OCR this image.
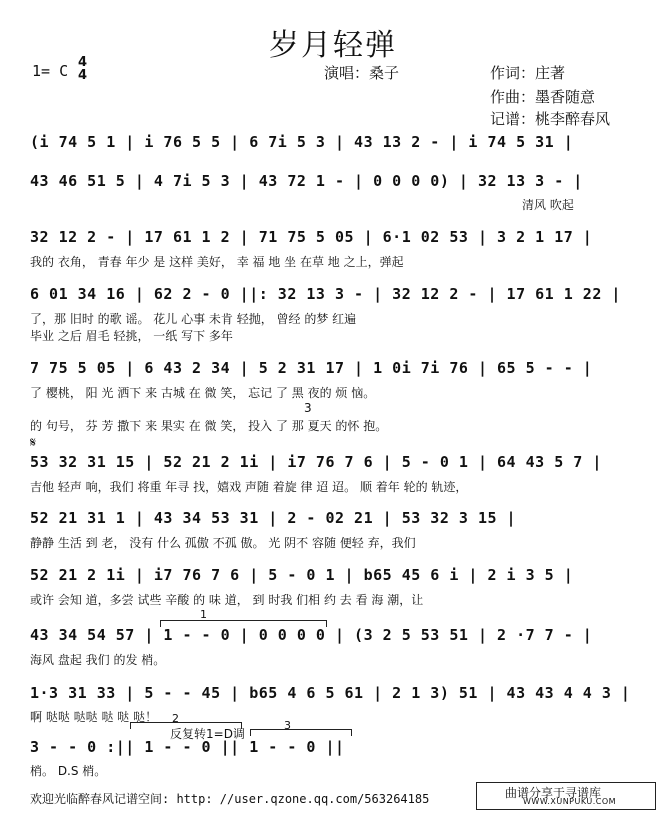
岁月轻弹
1= C 4
4	演唱：桑子	作词：庄著
作曲：墨香随意
记谱：桃李醉春风
(i 74 5 1 | i 76 5 5 | 6 7i 5 3 | 43 13 2 - | i 74 5 31 |
43 46 51 5 | 4 7i 5 3 | 43 72 1 - | 0 0 0 0) | 32 13 3 - |
清风 吹起
32 12 2 - | 17 61 1 2 | 71 75 5 05 | 6·1 02 53 | 3 2 1 17 |
我的 衣角， 青春 年少 是 这样 美好， 幸 福 地 坐 在草 地 之上，弹起
6 01 34 16 | 62 2 - 0 ||: 32 13 3 - | 32 12 2 - | 17 61 1 22 |
了，那 旧时 的歌 谣。 花儿 心事 未肯 轻抛， 曾经 的梦 红遍
毕业 之后 眉毛 轻挑， 一纸 写下 多年
7 75 5 05 | 6 43 2 34 | 5 2 31 17 | 1 0i 7i 76 | 65 5 - - |
了 樱桃， 阳 光 洒下 来 古城 在 微 笑， 忘记 了 黑 夜的 烦 恼。
3
的 句号， 芬 芳 撒下 来 果实 在 微 笑， 投入 了 那 夏天 的怀 抱。
𝄋
53 32 31 15 | 52 21 2 1i | i7 76 7 6 | 5 - 0 1 | 64 43 5 7 |
吉他 轻声 响，我们 将重 年寻 找，嬉戏 声随 着旋 律 迢 迢。 顺 着年 轮的 轨迹，
52 21 31 1 | 43 34 53 31 | 2 - 02 21 | 53 32 3 15 |
静静 生活 到 老， 没有 什么 孤傲 不孤 傲。 光 阴不 容随 便轻 弃，我们
52 21 2 1i | i7 76 7 6 | 5 - 0 1 | b65 45 6 i | 2 i 3 5 |
或许 会知 道，多尝 试些 辛酸 的 味 道， 到 时我 们相 约 去 看 海 潮，让
1
43 34 54 57 | 1 - - 0 | 0 0 0 0 | (3 2 5 53 51 | 2 ·7 7 - |
海风 盘起 我们 的发 梢。
1·3 31 33 | 5 - - 45 | b65 4 6 5 61 | 2 1 3) 51 | 43 43 4 4 3 |
啊 哒哒 哒哒 哒 哒 哒！ 2
3
反复转1=D调
3 - - 0 :|| 1 - - 0 || 1 - - 0 ||
梢。 D.S 梢。
欢迎光临醉春风记谱空间: http: //user.qzone.qq.com/563264185	曲谱分享于寻谱库
WWW.XUNPUKU.COM
